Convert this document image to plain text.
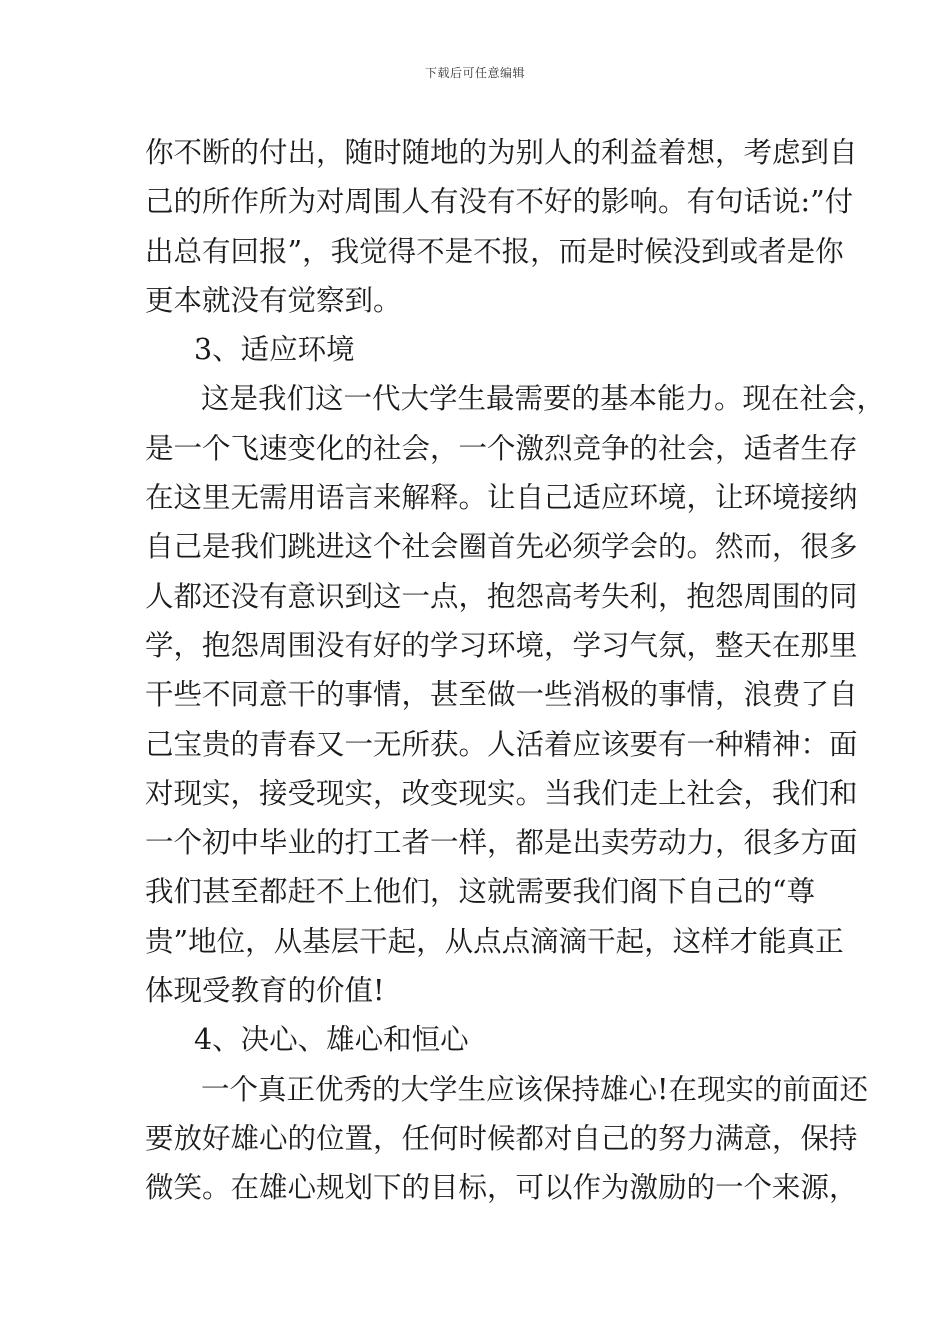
下载后可任意编辑
你不断的付出，随时随地的为别人的利益着想，考虑到自
己的所作所为对周围人有没有不好的影响。有句话说:”付
出总有回报”，我觉得不是不报，而是时候没到或者是你
更本就没有觉察到。
3、适应环境
这是我们这一代大学生最需要的基本能力。现在社会，
是一个飞速变化的社会，一个激烈竞争的社会，适者生存
在这里无需用语言来解释。让自己适应环境，让环境接纳
自己是我们跳进这个社会圈首先必须学会的。然而，很多
人都还没有意识到这一点，抱怨高考失利，抱怨周围的同
学，抱怨周围没有好的学习环境，学习气氛，整天在那里
干些不同意干的事情，甚至做一些消极的事情，浪费了自
己宝贵的青春又一无所获。人活着应该要有一种精神：面
对现实，接受现实，改变现实。当我们走上社会，我们和
一个初中毕业的打工者一样，都是出卖劳动力，很多方面
我们甚至都赶不上他们，这就需要我们阁下自己的“尊
贵”地位，从基层干起，从点点滴滴干起，这样才能真正
体现受教育的价值!
4、决心、雄心和恒心
一个真正优秀的大学生应该保持雄心!在现实的前面还
要放好雄心的位置，任何时候都对自己的努力满意，保持
微笑。在雄心规划下的目标，可以作为激励的一个来源，
